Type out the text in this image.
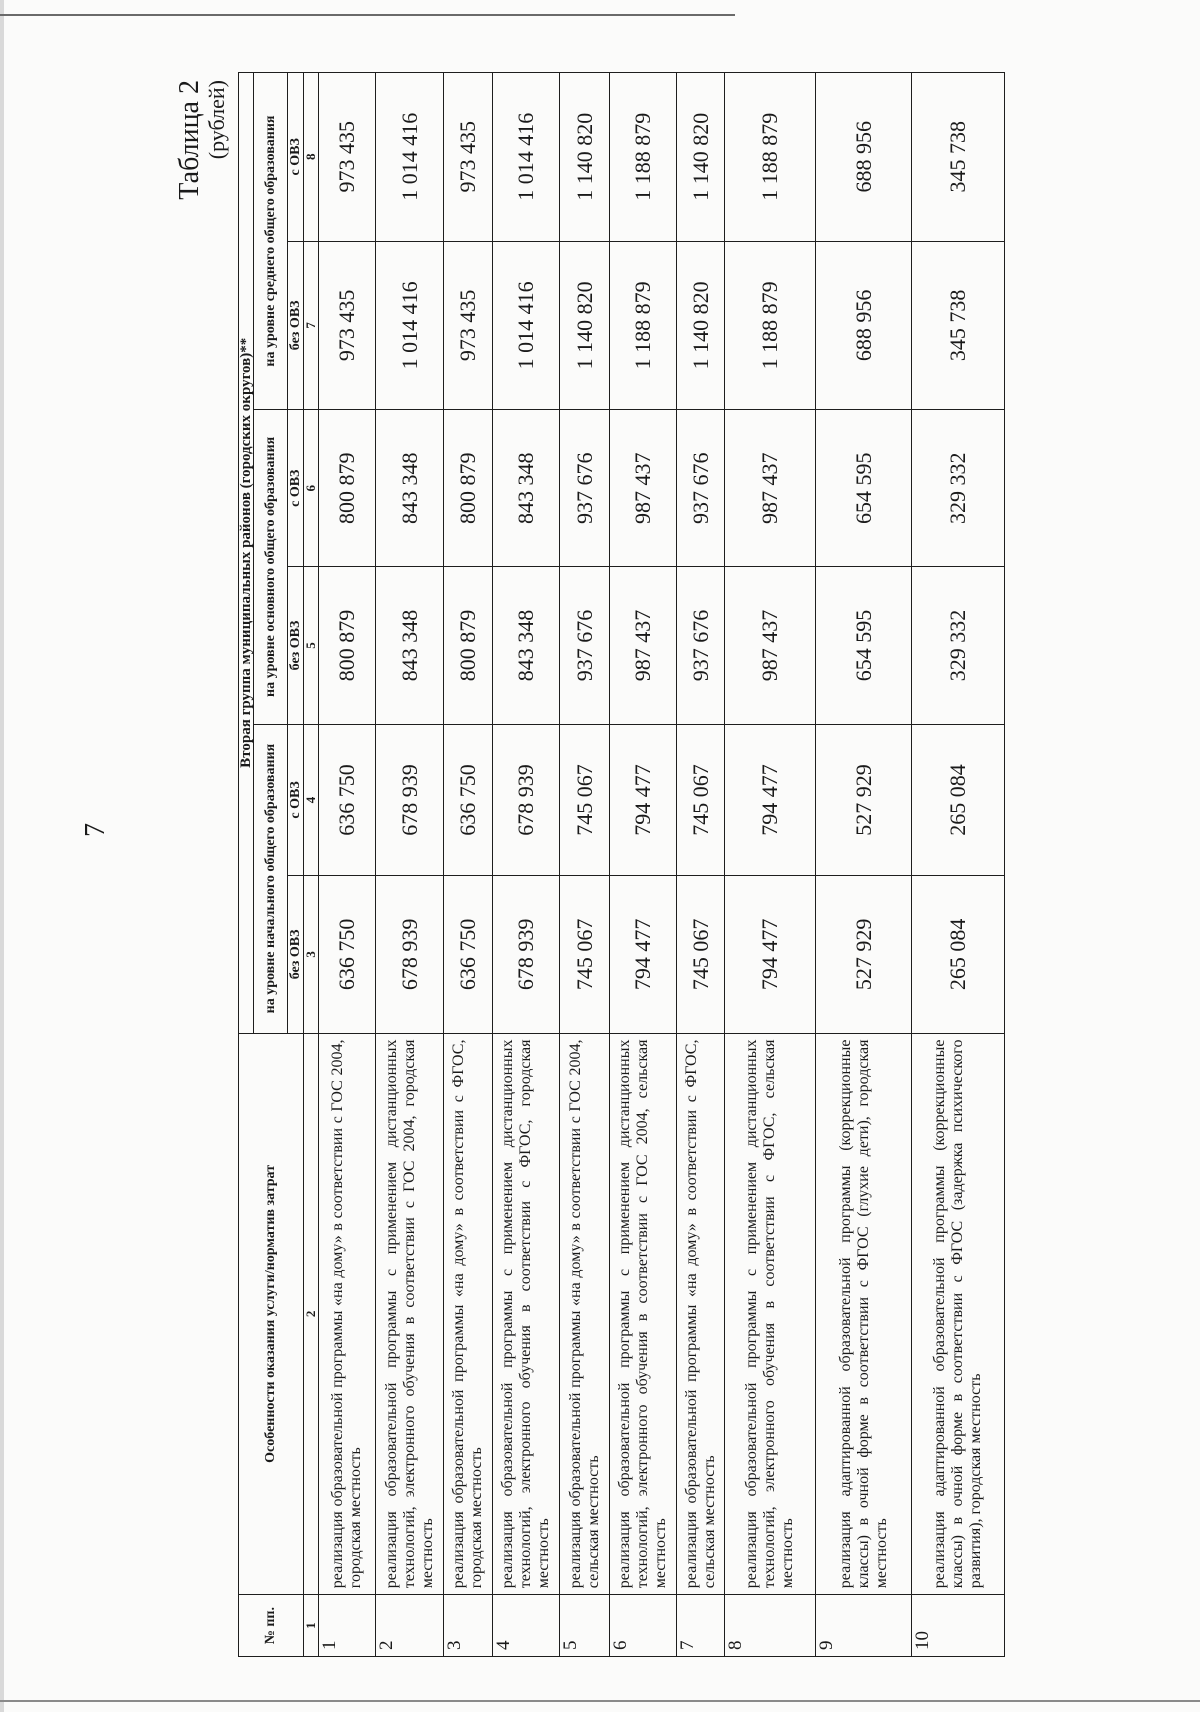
7
Таблица 2 (рублей)
№ пп.	Особенности оказания услуги/норматив затрат	Вторая группа муниципальных районов (городских округов)**					
		на уровне начального общего образования		на уровне основного общего образования		на уровне среднего общего образования	
		без ОВЗ	с ОВЗ	без ОВЗ	с ОВЗ	без ОВЗ	с ОВЗ
1	2	3	4	5	6	7	8
1	реализация образовательной программы «на дому» в соответствии с ГОС 2004, городская местность	636 750	636 750	800 879	800 879	973 435	973 435
2	реализация образовательной программы с применением дистанционных технологий, электронного обучения в соответствии с ГОС 2004, городская местность	678 939	678 939	843 348	843 348	1 014 416	1 014 416
3	реализация образовательной программы «на дому» в соответствии с ФГОС, городская местность	636 750	636 750	800 879	800 879	973 435	973 435
4	реализация образовательной программы с применением дистанционных технологий, электронного обучения в соответствии с ФГОС, городская местность	678 939	678 939	843 348	843 348	1 014 416	1 014 416
5	реализация образовательной программы «на дому» в соответствии с ГОС 2004, сельская местность	745 067	745 067	937 676	937 676	1 140 820	1 140 820
6	реализация образовательной программы с применением дистанционных технологий, электронного обучения в соответствии с ГОС 2004, сельская местность	794 477	794 477	987 437	987 437	1 188 879	1 188 879
7	реализация образовательной программы «на дому» в соответствии с ФГОС, сельская местность	745 067	745 067	937 676	937 676	1 140 820	1 140 820
8	реализация образовательной программы с применением дистанционных технологий, электронного обучения в соответствии с ФГОС, сельская местность	794 477	794 477	987 437	987 437	1 188 879	1 188 879
9	реализация адаптированной образовательной программы (коррекционные классы) в очной форме в соответствии с ФГОС (глухие дети), городская местность	527 929	527 929	654 595	654 595	688 956	688 956
10	реализация адаптированной образовательной программы (коррекционные классы) в очной форме в соответствии с ФГОС (задержка психического развития), городская местность	265 084	265 084	329 332	329 332	345 738	345 738
